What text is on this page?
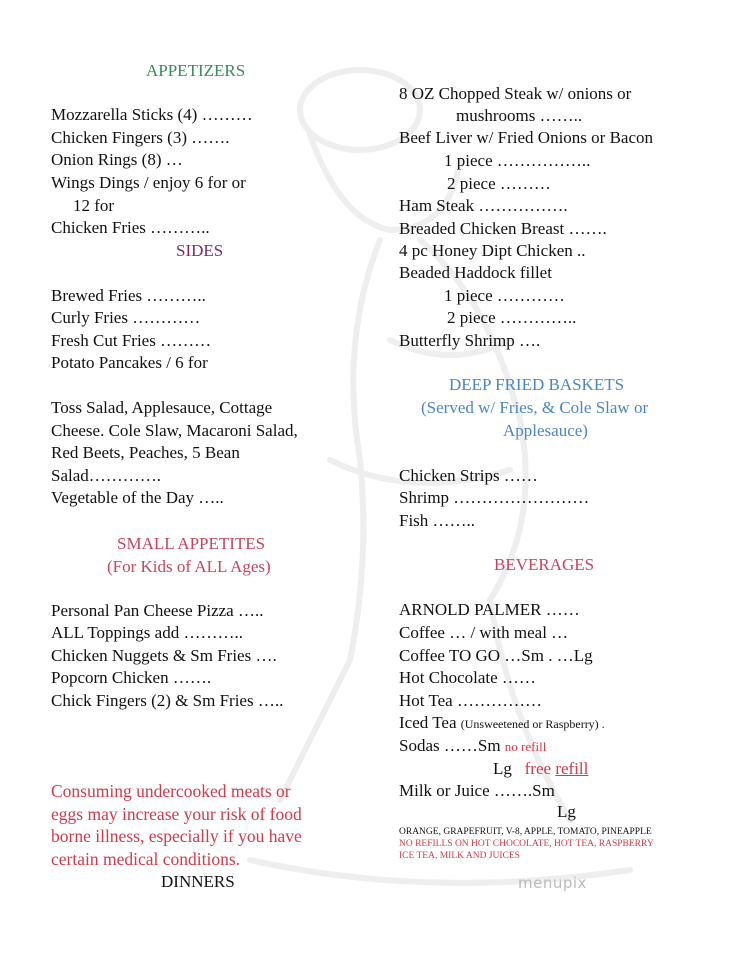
APPETIZERS
Mozzarella Sticks (4) ………
Chicken Fingers (3) …….
Onion Rings (8) …
Wings Dings / enjoy 6 for or
12 for
Chicken Fries ………..
SIDES
Brewed Fries ………..
Curly Fries …………
Fresh Cut Fries ………
Potato Pancakes / 6 for
Toss Salad, Applesauce, Cottage
Cheese. Cole Slaw, Macaroni Salad,
Red Beets, Peaches, 5 Bean
Salad………….
Vegetable of the Day …..
SMALL APPETITES
(For Kids of ALL Ages)
Personal Pan Cheese Pizza …..
ALL Toppings add ………..
Chicken Nuggets & Sm Fries ….
Popcorn Chicken …….
Chick Fingers (2) & Sm Fries …..
Consuming undercooked meats or
eggs may increase your risk of food
borne illness, especially if you have
certain medical conditions.
DINNERS
8 OZ Chopped Steak w/ onions or
mushrooms ……..
Beef Liver w/ Fried Onions or Bacon
1 piece ……………..
2 piece ………
Ham Steak …………….
Breaded Chicken Breast …….
4 pc Honey Dipt Chicken ..
Beaded Haddock fillet
1 piece …………
2 piece …………..
Butterfly Shrimp ….
DEEP FRIED BASKETS
(Served w/ Fries, & Cole Slaw or
Applesauce)
Chicken Strips ……
Shrimp ……………………
Fish ……..
BEVERAGES
ARNOLD PALMER ……
Coffee … / with meal …
Coffee TO GO …Sm . …Lg
Hot Chocolate ……
Hot Tea ……………
Iced Tea (Unsweetened or Raspberry) .
Sodas ……Sm no refill
Lg free refill
Milk or Juice …….Sm
Lg
ORANGE, GRAPEFRUIT, V-8, APPLE, TOMATO, PINEAPPLE
NO REFILLS ON HOT CHOCOLATE, HOT TEA, RASPBERRY
ICE TEA, MILK AND JUICES
menupix
